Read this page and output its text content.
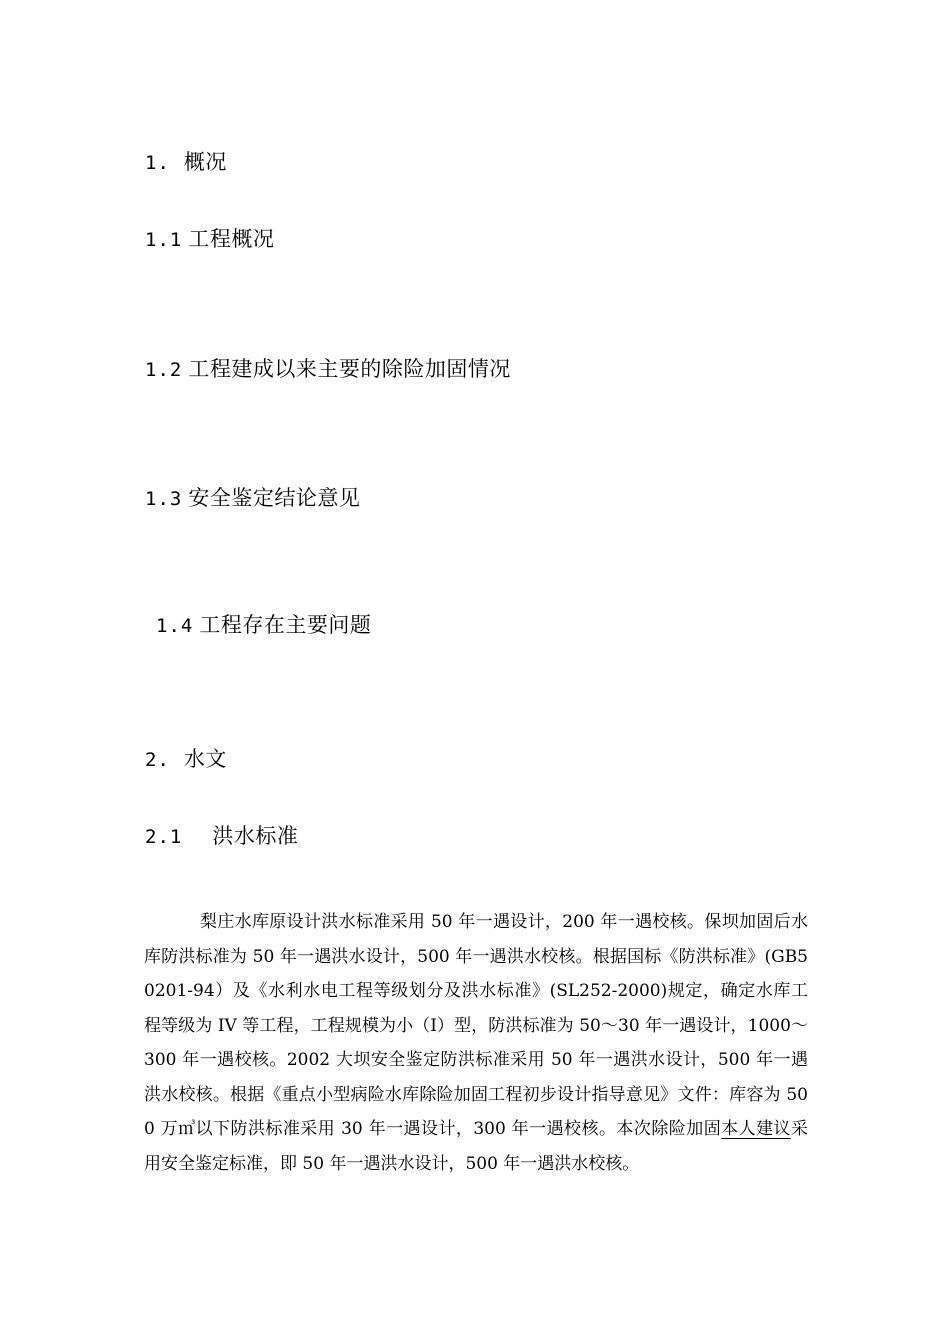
1. 概况
1.1 工程概况
1.2 工程建成以来主要的除险加固情况
1.3 安全鉴定结论意见
1.4 工程存在主要问题
2. 水文
2.1 洪水标准

梨庄水库原设计洪水标准采用 50 年一遇设计，200 年一遇校核。保坝加固后水库防洪标准为 50 年一遇洪水设计，500 年一遇洪水校核。根据国标《防洪标准》(GB50201-94）及《水利水电工程等级划分及洪水标准》(SL252-2000)规定，确定水库工程等级为 IV 等工程，工程规模为小（I）型，防洪标准为 50～30 年一遇设计，1000～300 年一遇校核。2002 大坝安全鉴定防洪标准采用 50 年一遇洪水设计，500 年一遇洪水校核。根据《重点小型病险水库除险加固工程初步设计指导意见》文件：库容为 500 万㎥以下防洪标准采用 30 年一遇设计，300 年一遇校核。本次除险加固本人建议采用安全鉴定标准，即 50 年一遇洪水设计，500 年一遇洪水校核。
